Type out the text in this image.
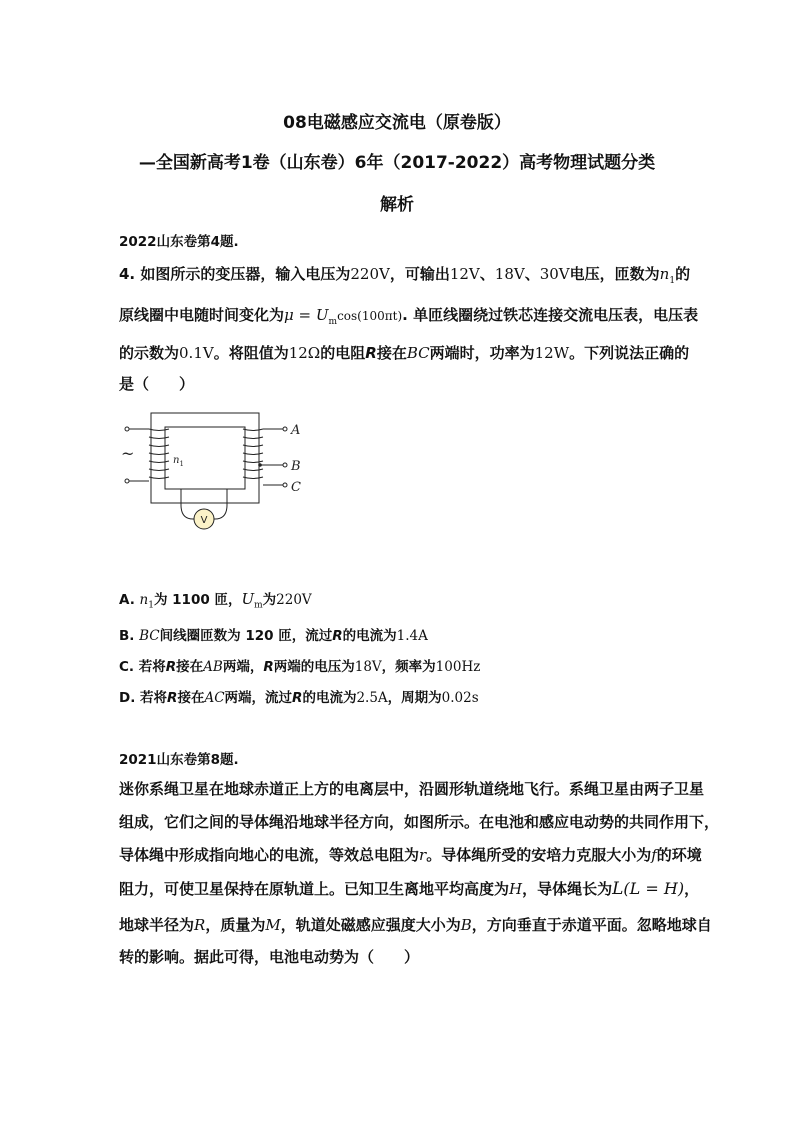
08电磁感应交流电（原卷版）
—全国新高考1卷（山东卷）6年（2017-2022）高考物理试题分类
解析
2022山东卷第4题.
4. 如图所示的变压器，输入电压为220V，可输出12V、18V、30V电压，匝数为$n_1$的
原线圈中电随时间变化为$\mu = U_m\cos(100\pi t)$. 单匝线圈绕过铁芯连接交流电压表，电压表
的示数为0.1V。将阻值为12Ω的电阻R接在BC两端时，功率为12W。下列说法正确的
是（　　）
~	$n_1$
A
B
C
V
A. $n_1$为 1100 匝，$U_m$为220V
B. BC间线圈匝数为 120 匝，流过R的电流为1.4A
C. 若将R接在AB两端，R两端的电压为18V，频率为100Hz
D. 若将R接在AC两端，流过R的电流为2.5A，周期为0.02s
2021山东卷第8题.
迷你系绳卫星在地球赤道正上方的电离层中，沿圆形轨道绕地飞行。系绳卫星由两子卫星
组成，它们之间的导体绳沿地球半径方向，如图所示。在电池和感应电动势的共同作用下，
导体绳中形成指向地心的电流，等效总电阻为r。导体绳所受的安培力克服大小为f的环境
阻力，可使卫星保持在原轨道上。已知卫生离地平均高度为H，导体绳长为L(L = H)，
地球半径为R，质量为M，轨道处磁感应强度大小为B，方向垂直于赤道平面。忽略地球自
转的影响。据此可得，电池电动势为（　　）
